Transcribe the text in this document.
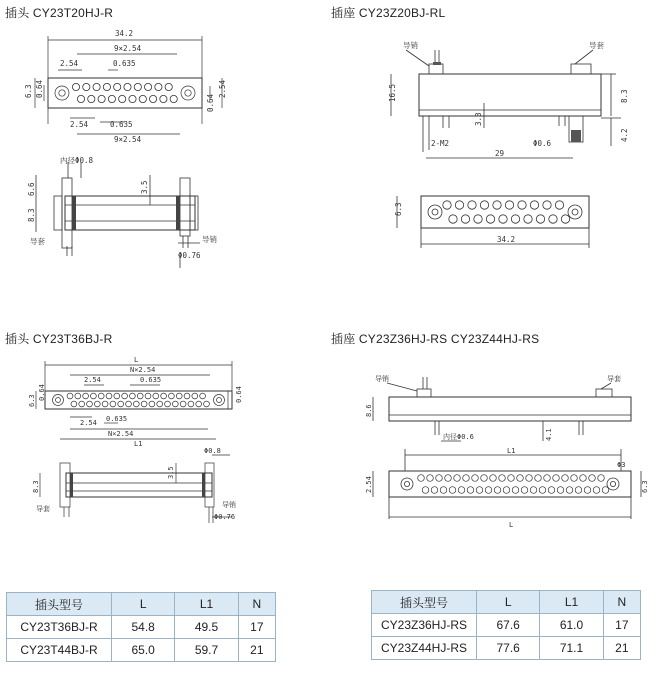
插头 CY23T20HJ-R	插座 CY23Z20BJ-RL
插头 CY23T36BJ-R	插座 CY23Z36HJ-RS CY23Z44HJ-RS
34.2
9×2.54
2.54	0.635
2.54	0.635
9×2.54
6.3 0.64	2.54
0.64
内径Φ0.8
6.6
8.3
3.5
导套	导销
Φ0.76
导销	导套
16.5	8.3
3.3
2-M2	Φ0.6
29
4.2
34.2
6.3
L
N×2.54
2.54	0.635
2.54 0.635
N×2.54
L1
6.3 0.64	0.64
8.3
3.5
Φ0.8
导套	导销
Φ0.76
导销	导套
8.6
内径Φ0.6	4.1
L1
L
2.54	6.3
Φ3
插头型号	L	L1	N
CY23T36BJ-R	54.8	49.5	17
CY23T44BJ-R	65.0	59.7	21
插头型号	L	L1	N
CY23Z36HJ-RS	67.6	61.0	17
CY23Z44HJ-RS	77.6	71.1	21
